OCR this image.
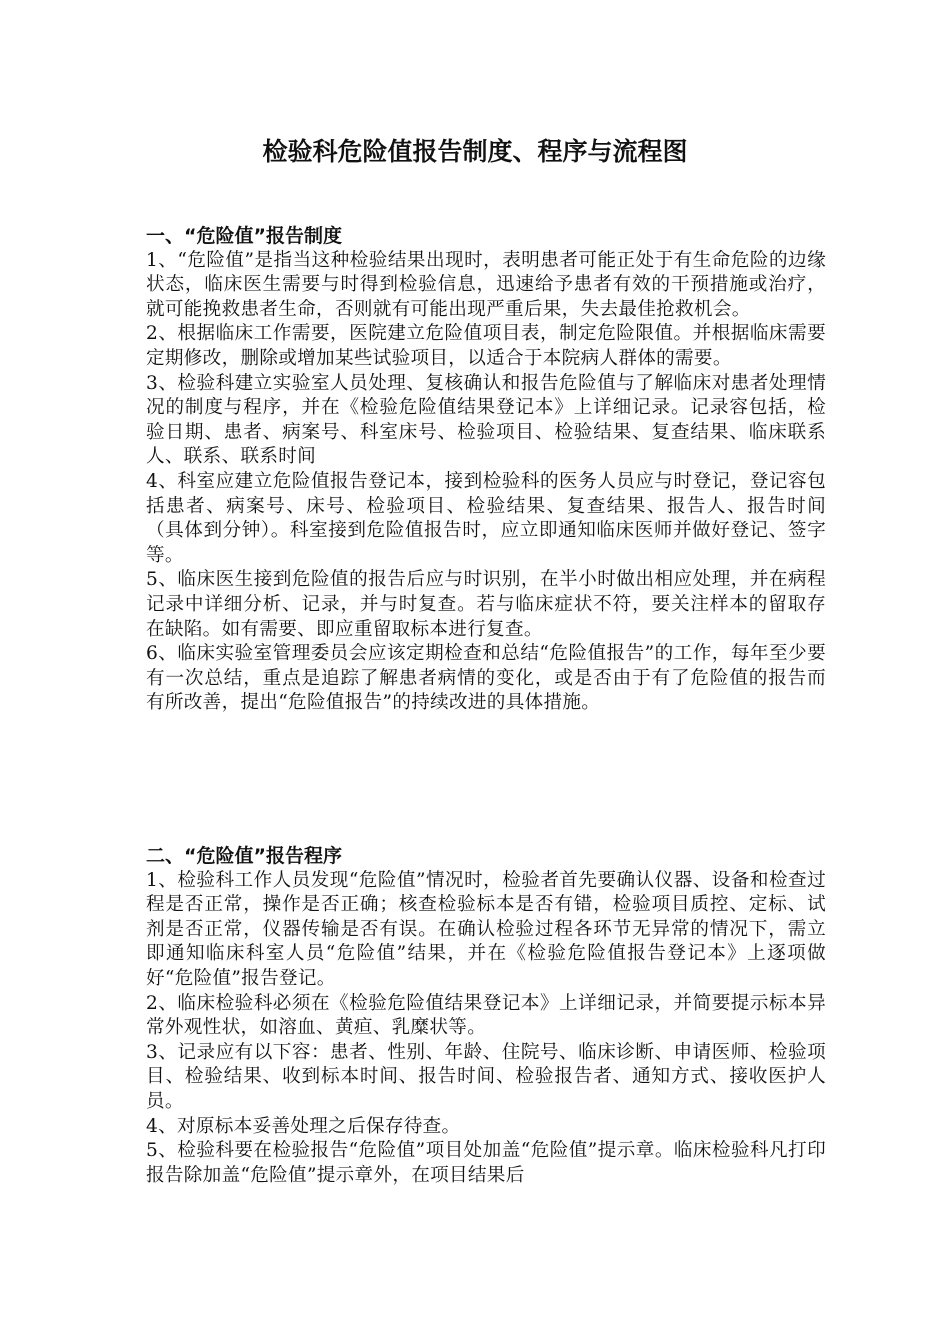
检验科危险值报告制度、程序与流程图
一、“危险值”报告制度

1、“危险值”是指当这种检验结果出现时，表明患者可能正处于有生命危险的边缘状态，临床医生需要与时得到检验信息，迅速给予患者有效的干预措施或治疗，就可能挽救患者生命，否则就有可能出现严重后果，失去最佳抢救机会。

2、根据临床工作需要，医院建立危险值项目表，制定危险限值。并根据临床需要定期修改，删除或增加某些试验项目，以适合于本院病人群体的需要。

3、检验科建立实验室人员处理、复核确认和报告危险值与了解临床对患者处理情况的制度与程序，并在《检验危险值结果登记本》上详细记录。记录容包括，检验日期、患者、病案号、科室床号、检验项目、检验结果、复查结果、临床联系人、联系、联系时间

4、科室应建立危险值报告登记本，接到检验科的医务人员应与时登记，登记容包括患者、病案号、床号、检验项目、检验结果、复查结果、报告人、报告时间（具体到分钟）。科室接到危险值报告时，应立即通知临床医师并做好登记、签字等。

5、临床医生接到危险值的报告后应与时识别，在半小时做出相应处理，并在病程记录中详细分析、记录，并与时复查。若与临床症状不符，要关注样本的留取存在缺陷。如有需要、即应重留取标本进行复查。

6、临床实验室管理委员会应该定期检查和总结“危险值报告”的工作，每年至少要有一次总结，重点是追踪了解患者病情的变化，或是否由于有了危险值的报告而有所改善，提出“危险值报告”的持续改进的具体措施。

二、“危险值”报告程序

1、检验科工作人员发现“危险值”情况时，检验者首先要确认仪器、设备和检查过程是否正常，操作是否正确；核查检验标本是否有错，检验项目质控、定标、试剂是否正常，仪器传输是否有误。在确认检验过程各环节无异常的情况下，需立即通知临床科室人员“危险值”结果，并在《检验危险值报告登记本》上逐项做好“危险值”报告登记。

2、临床检验科必须在《检验危险值结果登记本》上详细记录，并简要提示标本异常外观性状，如溶血、黄疸、乳糜状等。

3、记录应有以下容：患者、性别、年龄、住院号、临床诊断、申请医师、检验项目、检验结果、收到标本时间、报告时间、检验报告者、通知方式、接收医护人员。

4、对原标本妥善处理之后保存待查。

5、检验科要在检验报告“危险值”项目处加盖“危险值”提示章。临床检验科凡打印报告除加盖“危险值”提示章外，在项目结果后
